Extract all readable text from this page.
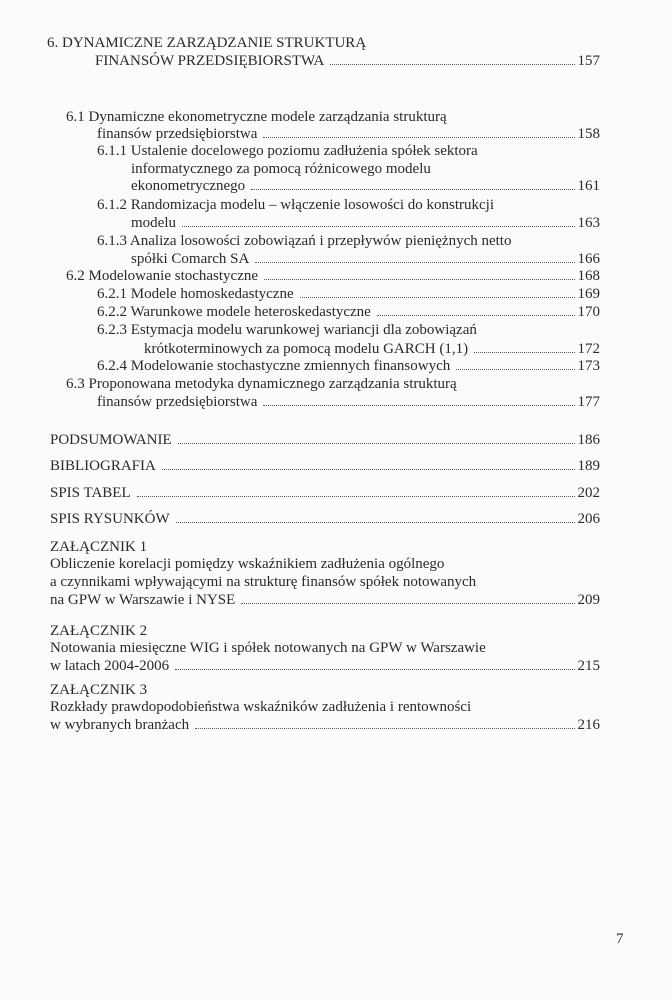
6. DYNAMICZNE ZARZĄDZANIE STRUKTURĄ
FINANSÓW PRZEDSIĘBIORSTWA	157
6.1 Dynamiczne ekonometryczne modele zarządzania strukturą
finansów przedsiębiorstwa	158
6.1.1 Ustalenie docelowego poziomu zadłużenia spółek sektora
informatycznego za pomocą różnicowego modelu
ekonometrycznego	161
6.1.2 Randomizacja modelu – włączenie losowości do konstrukcji
modelu	163
6.1.3 Analiza losowości zobowiązań i przepływów pieniężnych netto
spółki Comarch SA	166
6.2 Modelowanie stochastyczne	168
6.2.1 Modele homoskedastyczne	169
6.2.2 Warunkowe modele heteroskedastyczne	170
6.2.3 Estymacja modelu warunkowej wariancji dla zobowiązań
krótkoterminowych za pomocą modelu GARCH (1,1)	172
6.2.4 Modelowanie stochastyczne zmiennych finansowych	173
6.3 Proponowana metodyka dynamicznego zarządzania strukturą
finansów przedsiębiorstwa	177
PODSUMOWANIE	186
BIBLIOGRAFIA	189
SPIS TABEL	202
SPIS RYSUNKÓW	206
ZAŁĄCZNIK 1
Obliczenie korelacji pomiędzy wskaźnikiem zadłużenia ogólnego
a czynnikami wpływającymi na strukturę finansów spółek notowanych
na GPW w Warszawie i NYSE	209
ZAŁĄCZNIK 2
Notowania miesięczne WIG i spółek notowanych na GPW w Warszawie
w latach 2004-2006	215
ZAŁĄCZNIK 3
Rozkłady prawdopodobieństwa wskaźników zadłużenia i rentowności
w wybranych branżach	216
7
